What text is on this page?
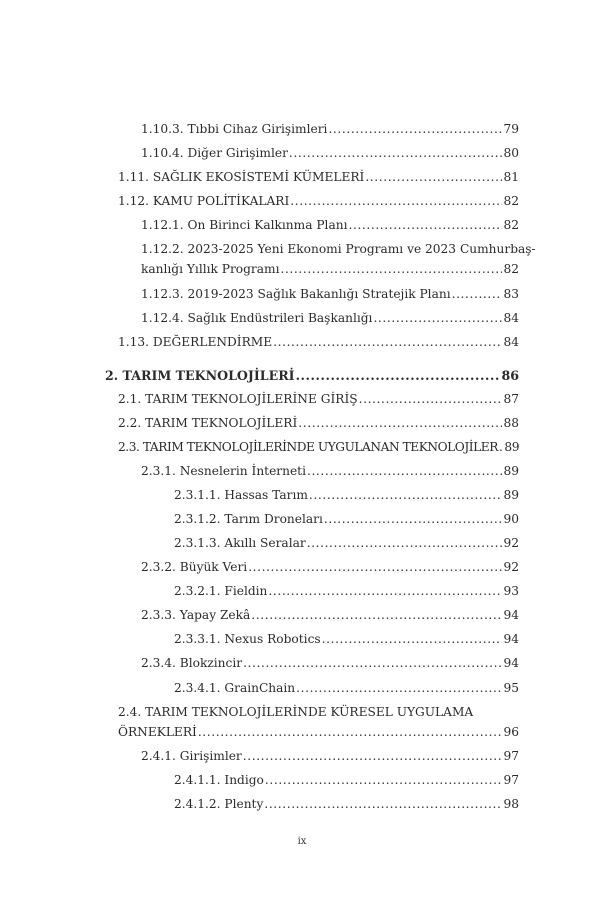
1.10.3. Tıbbi Cihaz Girişimleri .....	79
1.10.4. Diğer Girişimler .....	80
1.11. SAĞLIK EKOSİSTEMİ KÜMELERİ .....	81
1.12. KAMU POLİTİKALARI .....	82
1.12.1. On Birinci Kalkınma Planı .....	82
1.12.2. 2023-2025 Yeni Ekonomi Programı ve 2023 Cumhurbaş-
kanlığı Yıllık Programı .....	82
1.12.3. 2019-2023 Sağlık Bakanlığı Stratejik Planı .....	83
1.12.4. Sağlık Endüstrileri Başkanlığı .....	84
1.13. DEĞERLENDİRME .....	84
2. TARIM TEKNOLOJİLERİ .....	86
2.1. TARIM TEKNOLOJİLERİNE GİRİŞ .....	87
2.2. TARIM TEKNOLOJİLERİ .....	88
2.3. TARIM TEKNOLOJİLERİNDE UYGULANAN TEKNOLOJİLER ..... 89
2.3.1. Nesnelerin İnterneti .....	89
2.3.1.1. Hassas Tarım .....	89
2.3.1.2. Tarım Droneları .....	90
2.3.1.3. Akıllı Seralar .....	92
2.3.2. Büyük Veri .....	92
2.3.2.1. Fieldin .....	93
2.3.3. Yapay Zekâ .....	94
2.3.3.1. Nexus Robotics .....	94
2.3.4. Blokzincir .....	94
2.3.4.1. GrainChain .....	95
2.4. TARIM TEKNOLOJİLERİNDE KÜRESEL UYGULAMA
ÖRNEKLERİ .....	96
2.4.1. Girişimler .....	97
2.4.1.1. Indigo .....	97
2.4.1.2. Plenty .....	98
ix
